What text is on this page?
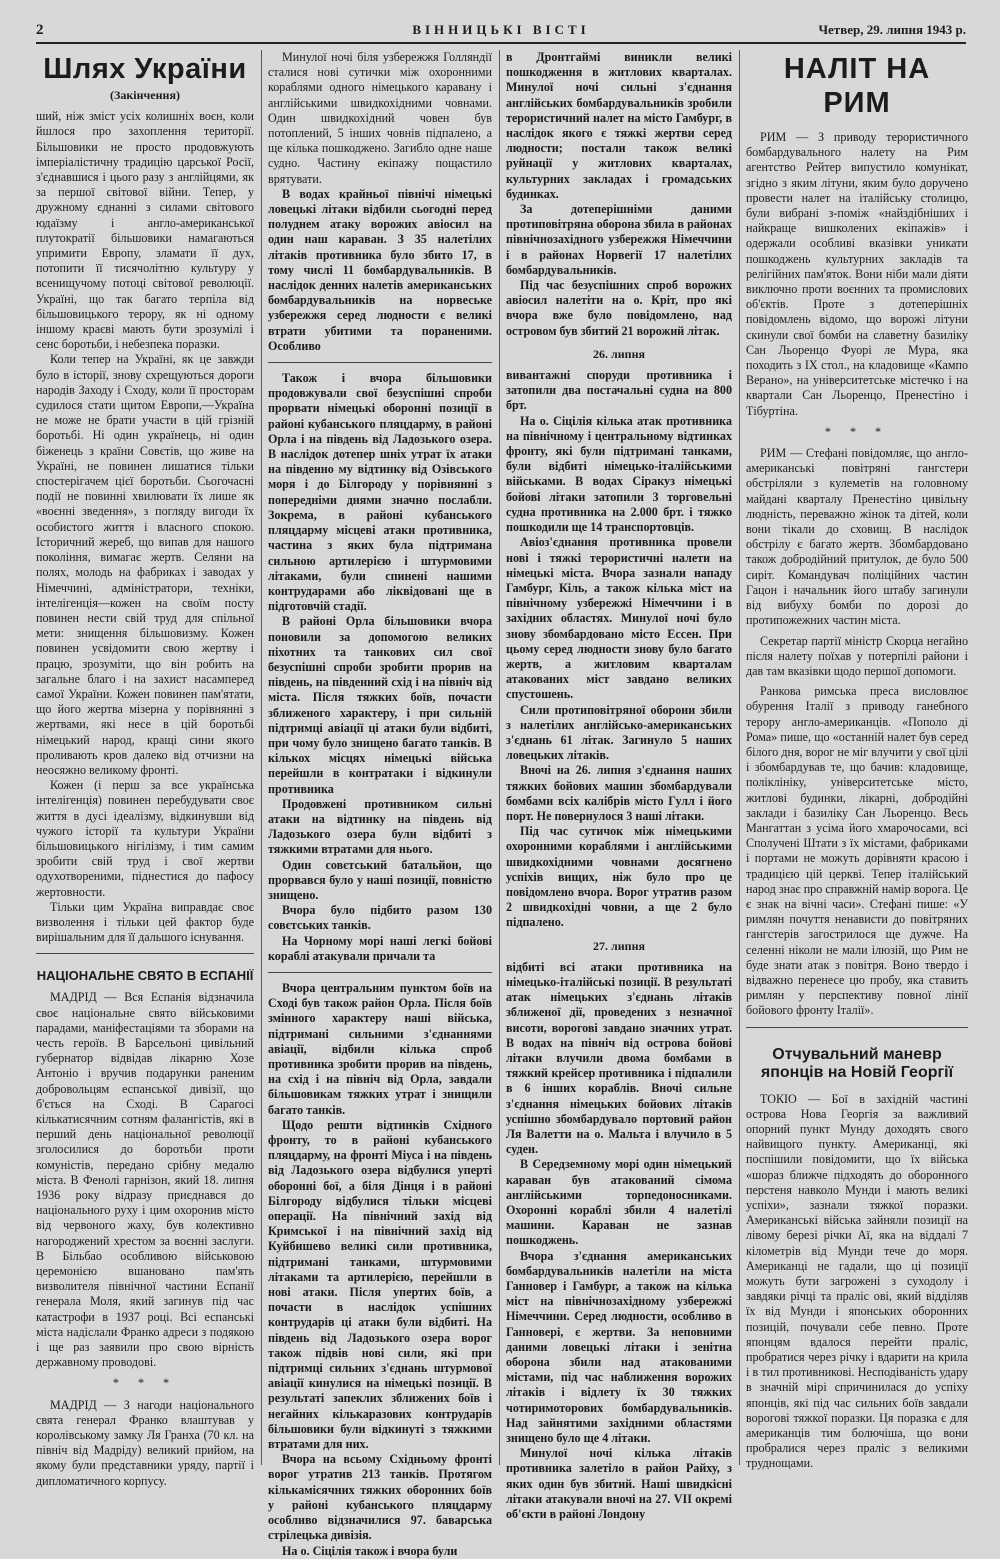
2	ВІННИЦЬКІ ВІСТІ	Четвер, 29. липня 1943 р.
Шлях України
(Закінчення)

ший, ніж зміст усіх колишніх воєн, коли йшлося про захоплення території. Більшовики не просто продовжують імперіалістичну традицію царської Росії, з'єднавшися і цього разу з англійцями, як за першої світової війни. Тепер, у дружному єднанні з силами світового юдаїзму і англо-американської плутократії більшовики намагаються упримити Европу, зламати її дух, потопити її тисячолітню культуру у всенищучому потоці світової революції. Україні, що так багато терпіла від більшовицького терору, як ні одному іншому краєві мають бути зрозумілі і сенс боротьби, і небезпека поразки.

Коли тепер на Україні, як це завжди було в історії, знову схрещуються дороги народів Заходу і Сходу, коли її просторам судилося стати щитом Европи,—Україна не може не брати участи в цій грізній боротьбі. Ні один українець, ні один біженець з країни Совєтів, що живе на Україні, не повинен лишатися тільки спостерігачем цієї боротьби. Сьогочасні події не повинні хвилювати їх лише як «воєнні зведення», з погляду вигоди їх особистого життя і власного спокою. Історичний жереб, що випав для нашого покоління, вимагає жертв. Селяни на полях, молодь на фабриках і заводах у Німеччині, адміністратори, техніки, інтелігенція—кожен на своїм посту повинен нести свій труд для спільної мети: знищення більшовизму. Кожен повинен усвідомити свою жертву і працю, зрозуміти, що він робить на загальне благо і на захист насамперед самої України. Кожен повинен пам'ятати, що його жертва мізерна у порівнянні з жертвами, які несе в цій боротьбі німецький народ, кращі сини якого проливають кров далеко від отчизни на неосяжно великому фронті.

Кожен (і перш за все українська інтелігенція) повинен перебудувати своє життя в дусі ідеалізму, відкинувши від чужого історії та культури України більшовицького нігілізму, і тим самим зробити свій труд і свої жертви одухотвореними, піднестися до пафосу жертовности.

Тільки цим Україна виправдає своє визволення і тільки цей фактор буде вирішальним для її дальшого існування.

НАЦІОНАЛЬНЕ СВЯТО В ЕСПАНІЇ

МАДРІД — Вся Еспанія відзначила своє національне свято військовими парадами, маніфестаціями та зборами на честь героїв. В Барсельоні цивільний губернатор відвідав лікарню Хозе Антоніо і вручив подарунки раненим добровольцям еспанської дивізії, що б'ється на Сході. В Сарагосі кількатисячним сотням фалангістів, які в перший день національної революції зголосилися до боротьби проти комуністів, передано срібну медалю міста. В Фенолі гарнізон, який 18. липня 1936 року відразу приєднався до національного руху і цим охоронив місто від червоного жаху, був колективно нагороджений хрестом за воєнні заслуги. В Більбао особливою військовою церемонією вшановано пам'ять визволителя північної частини Еспанії генерала Моля, який загинув під час катастрофи в 1937 році. Всі еспанські міста надіслали Франко адреси з подякою і ще раз заявили про свою вірність державному проводові.

* * *

МАДРІД — З нагоди національного свята генерал Франко влаштував у королівському замку Ля Гранха (70 кл. на північ від Мадріду) великий прийом, на якому були представники уряду, партії і дипломатичного корпусу.

Минулої ночі біля узбережжя Голляндії сталися нові сутички між охоронними кораблями одного німецького каравану і англійськими швидкохідними човнами. Один швидкохідний човен був потоплений, 5 інших човнів підпалено, а ще кілька пошкоджено. Загибло одне наше судно. Частину екіпажу пощастило врятувати.

В водах крайньої північі німецькі ловецькі літаки відбили сьогодні перед полуднем атаку ворожих авіосил на один наш караван. З 35 налетілих літаків противника було збито 17, в тому числі 11 бомбардувальників. В наслідок денних налетів американських бомбардувальників на норвеське узбережжя серед людности є великі втрати убитими та пораненими. Особливо

Також і вчора більшовики продовжували свої безуспішні спроби прорвати німецькі оборонні позиції в районі кубанського пляцдарму, в районі Орла і на південь від Ладозького озера. В наслідок дотепер шніх утрат їх атаки на південно му відтинку від Озівського моря і до Білгороду у порівнянні з попередніми днями значно послабли. Зокрема, в районі кубанського пляцдарму місцеві атаки противника, частина з яких була підтримана сильною артилерією і штурмовими літаками, були спинені нашими контрударами або ліквідовані ще в підготовчій стадії.

В районі Орла більшовики вчора поновили за допомогою великих піхотних та танкових сил свої безуспішні спроби зробити прорив на південь, на південний схід і на північ від міста. Після тяжких боїв, почасти зближеного характеру, і при сильній підтримці авіації ці атаки були відбиті, при чому було знищено багато танків. В кількох місцях німецькі війська перейшли в контратаки і відкинули противника

Продовжені противником сильні атаки на відтинку на південь від Ладозького озера були відбиті з тяжкими втратами для нього.

Один совєтський батальйон, що прорвався було у наші позиції, повністю знищено.

Вчора було підбито разом 130 совєтських танків.

На Чорному морі наші легкі бойові кораблі атакували причали та

Вчора центральним пунктом боїв на Сході був також район Орла. Після боїв змінного характеру наші війська, підтримані сильними з'єднаннями авіації, відбили кілька спроб противника зробити прорив на південь, на схід і на північ від Орла, завдали більшовикам тяжких утрат і знищили багато танків.

Щодо решти відтинків Східного фронту, то в районі кубанського пляцдарму, на фронті Міуса і на південь від Ладозького озера відбулися уперті оборонні бої, а біля Дінця і в районі Білгороду відбулися тільки місцеві операції. На північний захід від Кримської і на північний захід від Куйбишево великі сили противника, підтримані танками, штурмовими літаками та артилерією, перейшли в нові атаки. Після упертих боїв, а почасти в наслідок успішних контрударів ці атаки були відбиті. На південь від Ладозького озера ворог також підвів нові сили, які при підтримці сильних з'єднань штурмової авіації кинулися на німецькі позиції. В результаті запеклих зближених боїв і негайних кількаразових контрударів більшовики були відкинуті з тяжкими втратами для них.

Вчора на всьому Східньому фронті ворог утратив 213 танків. Протягом кількамісячних тяжких оборонних боїв у районі кубанського пляцдарму особливо відзначилися 97. баварська стрілецька дивізія.

На о. Сіцілія також і вчора були

в Дронтгаймі виникли великі пошкодження в житлових кварталах. Минулої ночі сильні з'єднання англійських бомбардувальників зробили терористичний налет на місто Гамбург, в наслідок якого є тяжкі жертви серед людности; постали також великі руйнації у житлових кварталах, культурних закладах і громадських будинках.

За дотеперішніми даними протиповітряна оборона збила в районах північнозахідного узбережжя Німеччини і в районах Норвегії 17 налетілих бомбардувальників.

Під час безуспішних спроб ворожих авіосил налетіти на о. Кріт, про які вчора вже було повідомлено, над островом був збитий 21 ворожий літак.

26. липня

вивантажні споруди противника і затопили два постачальні судна на 800 брт.

На о. Сіцілія кілька атак противника на північному і центральному відтинках фронту, які були підтримані танками, були відбиті німецько-італійськими військами. В водах Сіракуз німецькі бойові літаки затопили 3 торговельні судна противника на 2.000 брт. і тяжко пошкодили ще 14 транспортовців.

Авіоз'єднання противника провели нові і тяжкі терористичні налети на німецькі міста. Вчора зазнали нападу Гамбург, Кіль, а також кілька міст на північному узбережжі Німеччини і в західних областях. Минулої ночі було знову збомбардовано місто Ессен. При цьому серед людности знову було багато жертв, а житловим кварталам атакованих міст завдано великих спустошень.

Сили протиповітряної оборони збили з налетілих англійсько-американських з'єднань 61 літак. Загинуло 5 наших ловецьких літаків.

Вночі на 26. липня з'єднання наших тяжких бойових машин збомбардували бомбами всіх калібрів місто Гулл і його порт. Не повернулося 3 наші літаки.

Під час сутичок між німецькими охоронними кораблями і англійськими швидкохідними човнами досягнено успіхів вищих, ніж було про це повідомлено вчора. Ворог утратив разом 2 швидкохідні човни, а ще 2 було підпалено.

27. липня

відбиті всі атаки противника на німецько-італійські позиції. В результаті атак німецьких з'єднань літаків зближеної дії, проведених з незначної висоти, ворогові завдано значних утрат. В водах на північ від острова бойові літаки влучили двома бомбами в тяжкий крейсер противника і підпалили в 6 інших кораблів. Вночі сильне з'єднання німецьких бойових літаків успішно збомбардувало портовий район Ля Валетти на о. Мальта і влучило в 5 суден.

В Середземному морі один німецький караван був атакований сімома англійськими торпедоносниками. Охоронні кораблі збили 4 налетілі машини. Караван не зазнав пошкоджень.

Вчора з'єднання американських бомбардувальників налетіли на міста Ганновер і Гамбург, а також на кілька міст на північнозахідному узбережжі Німеччини. Серед людности, особливо в Ганновері, є жертви. За неповними даними ловецькі літаки і зенітна оборона збили над атакованими містами, під час наближення ворожих літаків і відлету їх 30 тяжких чотиримоторових бомбардувальників. Над зайнятими західними областями знищено було ще 4 літаки.

Минулої ночі кілька літаків противника залетіло в район Райху, з яких один був збитий. Наші швидкісні літаки атакували вночі на 27. VII окремі об'єкти в районі Лондону

НАЛІТ НА РИМ

РИМ — З приводу терористичного бомбардувального налету на Рим агентство Рейтер випустило комунікат, згідно з яким літуни, яким було доручено провести налет на італійську столицю, були вибрані з-поміж «найздібніших і найкраще вишколених екіпажів» і одержали особливі вказівки уникати пошкоджень культурних закладів та релігійних пам'яток. Вони ніби мали діяти виключно проти воєнних та промислових об'єктів. Проте з дотеперішніх повідомлень відомо, що ворожі літуни скинули свої бомби на славетну базиліку Сан Льоренцо Фуорі ле Мура, яка походить з IX стол., на кладовище «Кампо Верано», на університетське містечко і на квартали Сан Льоренцо, Пренестіно і Тібуртіна.

* * *

РИМ — Стефані повідомляє, що англо-американські повітряні гангстери обстріляли з кулеметів на головному майдані кварталу Пренестіно цивільну людність, переважно жінок та дітей, коли вони тікали до сховищ. В наслідок обстрілу є багато жертв. Збомбардовано також добродійний притулок, де було 500 сиріт. Командувач поліційних частин Гацон і начальник його штабу загинули від вибуху бомби по дорозі до протипожежних частин міста.

Секретар партії міністр Скорца негайно після налету поїхав у потерпілі райони і дав там вказівки щодо першої допомоги.

Ранкова римська преса висловлює обурення Італії з приводу ганебного терору англо-американців. «Пополо ді Рома» пише, що «останній налет був серед білого дня, ворог не міг влучити у свої цілі і збомбардував те, що бачив: кладовище, поліклініку, університетське місто, житлові будинки, лікарні, добродійні заклади і базиліку Сан Льоренцо. Весь Мангаттан з усіма його хмарочосами, всі Сполучені Штати з їх містами, фабриками і портами не можуть дорівняти красою і традицією цій церкві. Тепер італійський народ знає про справжній намір ворога. Це є знак на вічні часи». Стефані пише: «У римлян почуття ненависти до повітряних гангстерів загострилося ще дужче. На селенні ніколи не мали ілюзій, що Рим не буде знати атак з повітря. Воно твердо і відважно перенесе цю пробу, яка ставить римлян у перспективу повної лінії бойового фронту Італії».

Отчувальний маневр японців на Новій Георгії

ТОКІО — Бої в західній частині острова Нова Георгія за важливий опорний пункт Мунду доходять свого найвищого пункту. Американці, які поспішили повідомити, що їх війська «шораз ближче підходять до оборонного перстеня навколо Мунди і мають великі успіхи», зазнали тяжкої поразки. Американські війська зайняли позиції на лівому березі річки Аї, яка на віддалі 7 кілометрів від Мунди тече до моря. Американці не гадали, що ці позиції можуть бути загрожені з суходолу і завдяки річці та праліс ові, який відділяв їх від Мунди і японських оборонних позицій, почували себе певно. Проте японцям вдалося перейти праліс, пробратися через річку і вдарити на крила і в тил противникові. Несподіваність удару в значній мірі спричинилася до успіху японців, які під час сильних боїв завдали ворогові тяжкої поразки. Ця поразка є для американців тим болючіша, що вони пробралися через праліс з великими труднощами.
